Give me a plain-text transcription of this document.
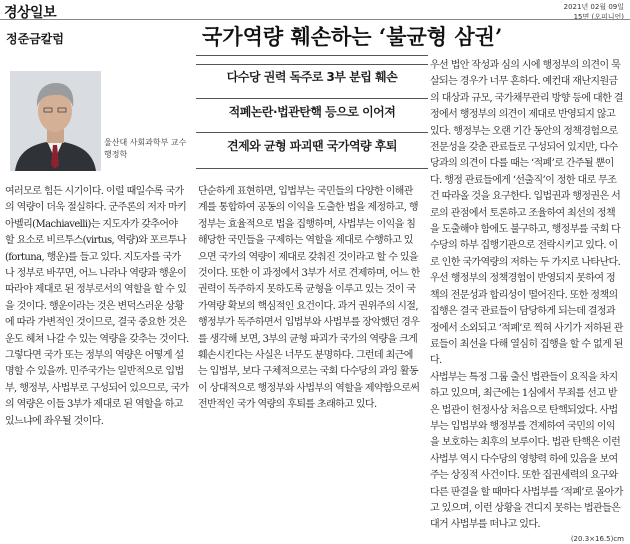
경상일보	2021년 02월 09일
15면 (오피니언)
정준금칼럼	국가역량 훼손하는 ‘불균형 삼권’
울산대 사회과학부 교수
행정학
다수당 권력 독주로 3부 분립 훼손
적폐논란·법관탄핵 등으로 이어져
견제와 균형 파괴땐 국가역량 후퇴

여러모로 힘든 시기이다. 이럴 때일수록 국가의 역량이 더욱 절실하다. 군주론의 저자 마키아벨리(Machiavelli)는 지도자가 갖추어야 할 요소로 비르투스(virtus, 역량)와 포르투나(fortuna, 행운)를 들고 있다. 지도자를 국가나 정부로 바꾸면, 어느 나라나 역량과 행운이 따라야 제대로 된 정부로서의 역할을 할 수 있을 것이다. 행운이라는 것은 변덕스러운 상황에 따라 가변적인 것이므로, 결국 중요한 것은 운도 헤쳐 나갈 수 있는 역량을 갖추는 것이다. 그렇다면 국가 또는 정부의 역량은 어떻게 설명할 수 있을까. 민주국가는 일반적으로 입법부, 행정부, 사법부로 구성되어 있으므로, 국가의 역량은 이들 3부가 제대로 된 역할을 하고 있느냐에 좌우될 것이다.

단순하게 표현하면, 입법부는 국민들의 다양한 이해관계를 통합하여 공동의 이익을 도출한 법을 제정하고, 행정부는 효율적으로 법을 집행하며, 사법부는 이익을 침해당한 국민들을 구제하는 역할을 제대로 수행하고 있으면 국가의 역량이 제대로 갖춰진 것이라고 할 수 있을 것이다. 또한 이 과정에서 3부가 서로 견제하며, 어느 한 권력이 독주하지 못하도록 균형을 이루고 있는 것이 국가역량 확보의 핵심적인 요건이다. 과거 권위주의 시절, 행정부가 독주하면서 입법부와 사법부를 장악했던 경우를 생각해 보면, 3부의 균형 파괴가 국가의 역량을 크게 훼손시킨다는 사실은 너무도 분명하다. 그런데 최근에는 입법부, 보다 구체적으로는 국회 다수당의 과잉 활동이 상대적으로 행정부와 사법부의 역할을 제약함으로써 전반적인 국가 역량의 후퇴를 초래하고 있다.

우선 법안 작성과 심의 시에 행정부의 의견이 묵살되는 경우가 너무 흔하다. 예컨대 재난지원금의 대상과 규모, 국가채무관리 방향 등에 대한 결정에서 행정부의 의견이 제대로 반영되지 않고 있다. 행정부는 오랜 기간 동안의 정책경험으로 전문성을 갖춘 관료들로 구성되어 있지만, 다수당과의 의견이 다를 때는 ‘적폐’로 간주될 뿐이다. 행정 관료들에게 ‘선출직’이 정한 대로 무조건 따라올 것을 요구한다. 입법권과 행정권은 서로의 관점에서 토론하고 조율하여 최선의 정책을 도출해야 함에도 불구하고, 행정부를 국회 다수당의 하부 집행기관으로 전락시키고 있다. 이로 인한 국가역량의 저하는 두 가지로 나타난다. 우선 행정부의 정책경험이 반영되지 못하여 정책의 전문성과 합리성이 떨어진다. 또한 정책의 집행은 결국 관료들이 담당하게 되는데 결정과정에서 소외되고 ‘적폐’로 찍혀 사기가 저하된 관료들이 최선을 다해 열심히 집행을 할 수 없게 된다.

사법부는 특정 그룹 출신 법관들이 요직을 차지하고 있으며, 최근에는 1심에서 무죄를 선고 받은 법관이 헌정사상 처음으로 탄핵되었다. 사법부는 입법부와 행정부를 견제하여 국민의 이익을 보호하는 최후의 보루이다. 법관 탄핵은 이런 사법부 역시 다수당의 영향력 하에 있음을 보여주는 상징적 사건이다. 또한 집권세력의 요구와 다른 판결을 할 때마다 사법부를 ‘적폐’로 몰아가고 있으며, 이런 상황을 견디지 못하는 법관들은 대거 사법부를 떠나고 있다.

(20.3×16.5)cm
